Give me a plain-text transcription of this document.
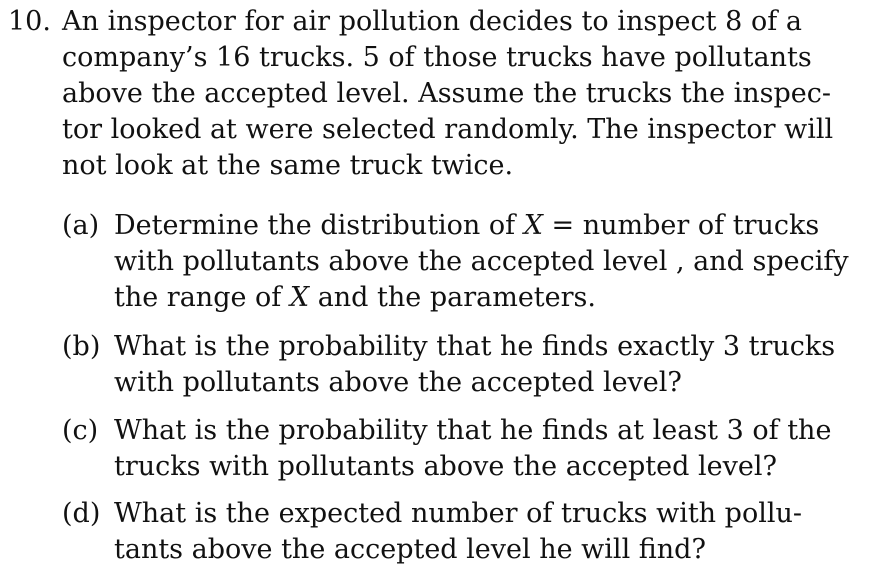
10. An inspector for air pollution decides to inspect 8 of a
company’s 16 trucks. 5 of those trucks have pollutants
above the accepted level. Assume the trucks the inspec-
tor looked at were selected randomly. The inspector will
not look at the same truck twice.
(a) Determine the distribution of X = number of trucks
with pollutants above the accepted level , and specify
the range of X and the parameters.
(b) What is the probability that he finds exactly 3 trucks
with pollutants above the accepted level?
(c) What is the probability that he finds at least 3 of the
trucks with pollutants above the accepted level?
(d) What is the expected number of trucks with pollu-
tants above the accepted level he will find?
